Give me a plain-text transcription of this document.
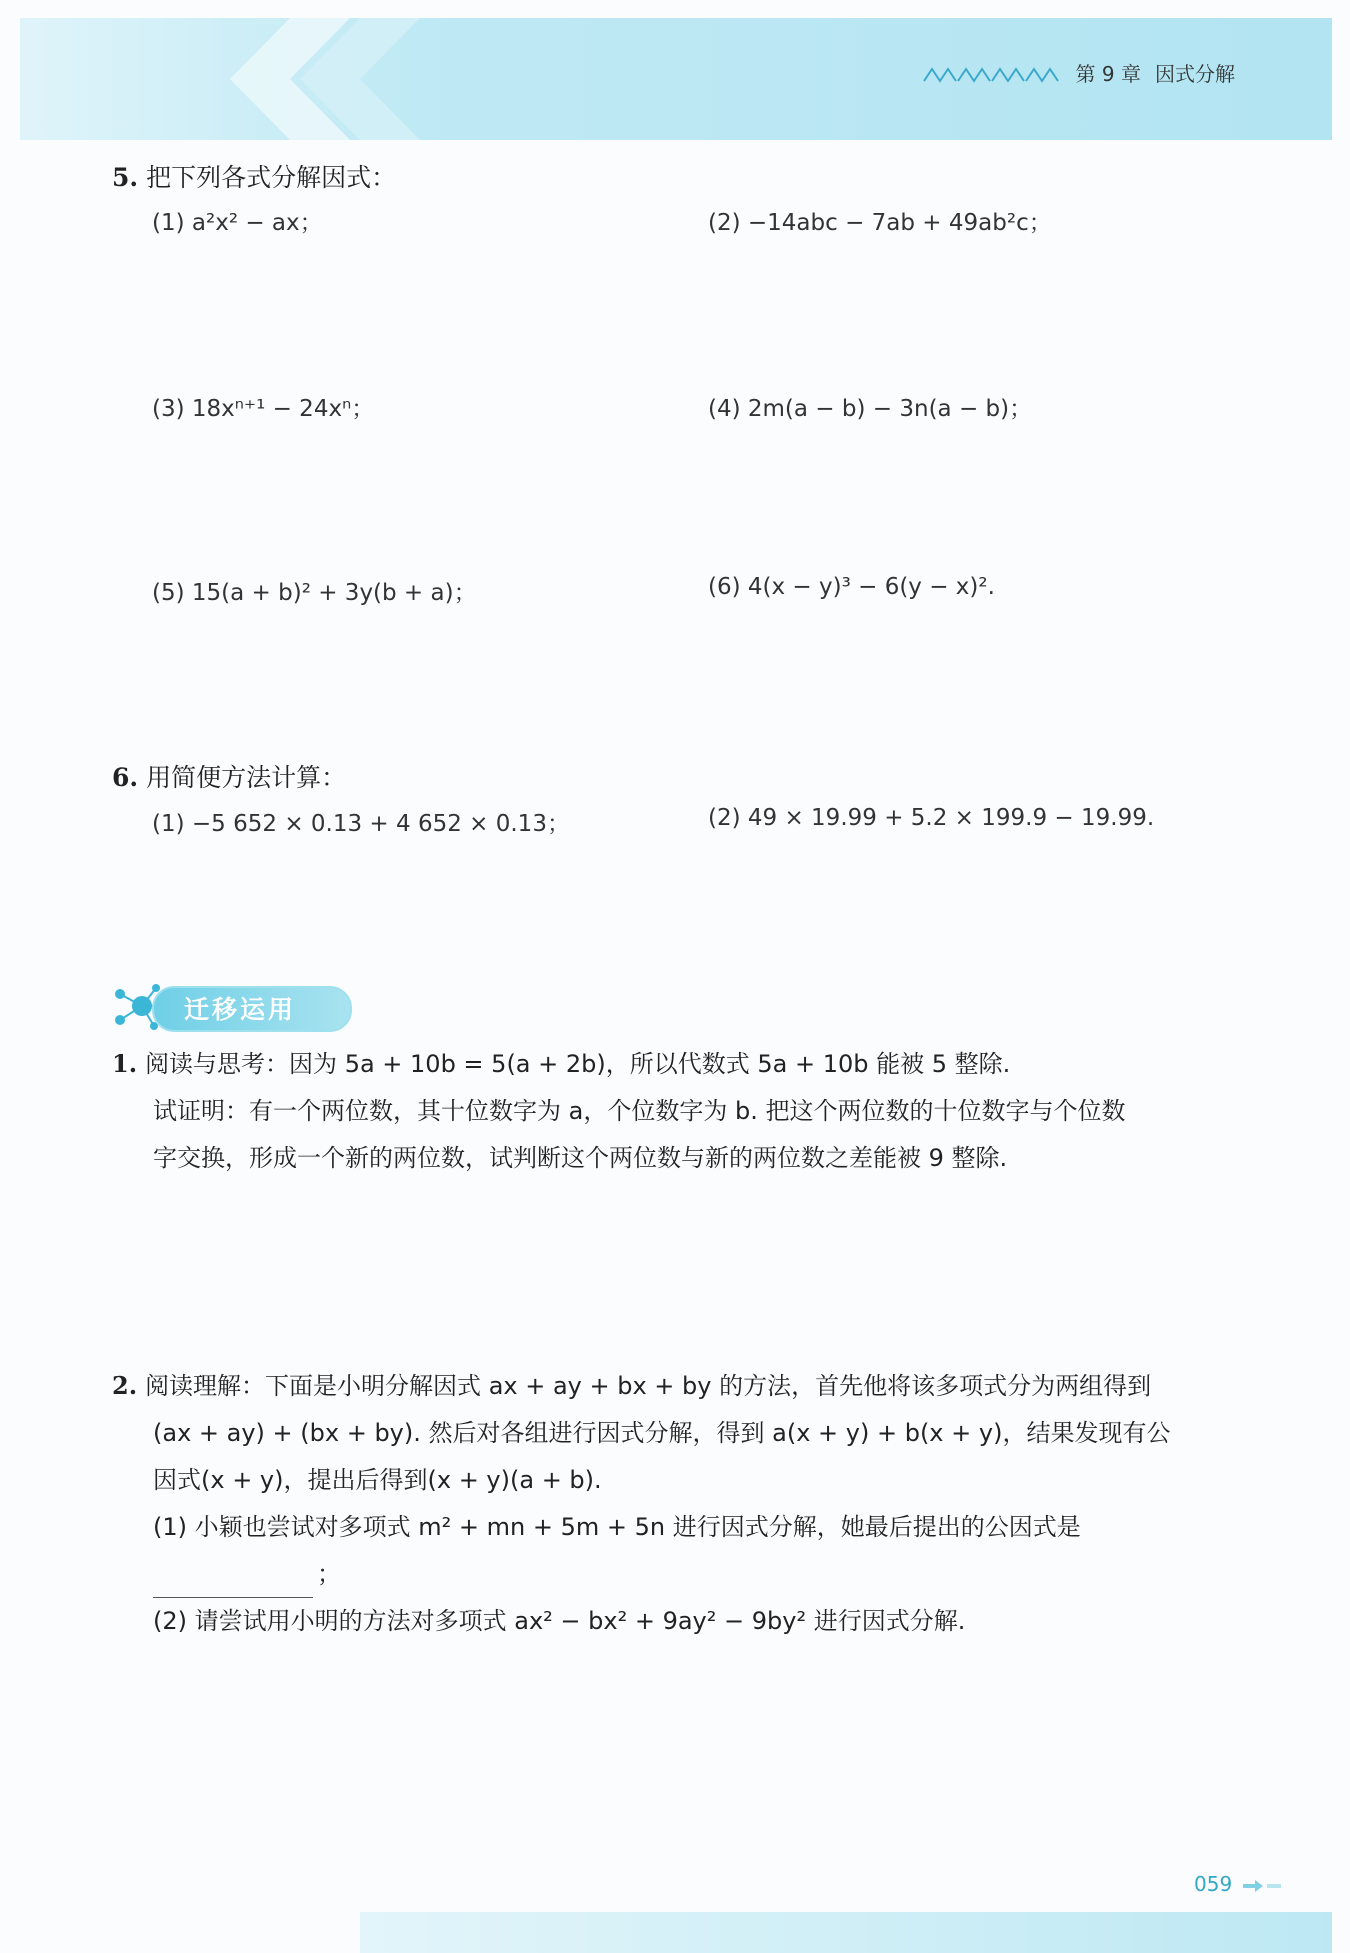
第 9 章 因式分解
5. 把下列各式分解因式：
(1) a²x² − ax；	(2) −14abc − 7ab + 49ab²c；
(3) 18xⁿ⁺¹ − 24xⁿ；	(4) 2m(a − b) − 3n(a − b)；
(5) 15(a + b)² + 3y(b + a)；	(6) 4(x − y)³ − 6(y − x)².
6. 用简便方法计算：
(1) −5 652 × 0.13 + 4 652 × 0.13；	(2) 49 × 19.99 + 5.2 × 199.9 − 19.99.
迁移运用
1. 阅读与思考：因为 5a + 10b = 5(a + 2b)，所以代数式 5a + 10b 能被 5 整除.
试证明：有一个两位数，其十位数字为 a，个位数字为 b. 把这个两位数的十位数字与个位数
字交换，形成一个新的两位数，试判断这个两位数与新的两位数之差能被 9 整除.
2. 阅读理解：下面是小明分解因式 ax + ay + bx + by 的方法，首先他将该多项式分为两组得到
(ax + ay) + (bx + by). 然后对各组进行因式分解，得到 a(x + y) + b(x + y)，结果发现有公
因式(x + y)，提出后得到(x + y)(a + b).
(1) 小颖也尝试对多项式 m² + mn + 5m + 5n 进行因式分解，她最后提出的公因式是
；
(2) 请尝试用小明的方法对多项式 ax² − bx² + 9ay² − 9by² 进行因式分解.
059
